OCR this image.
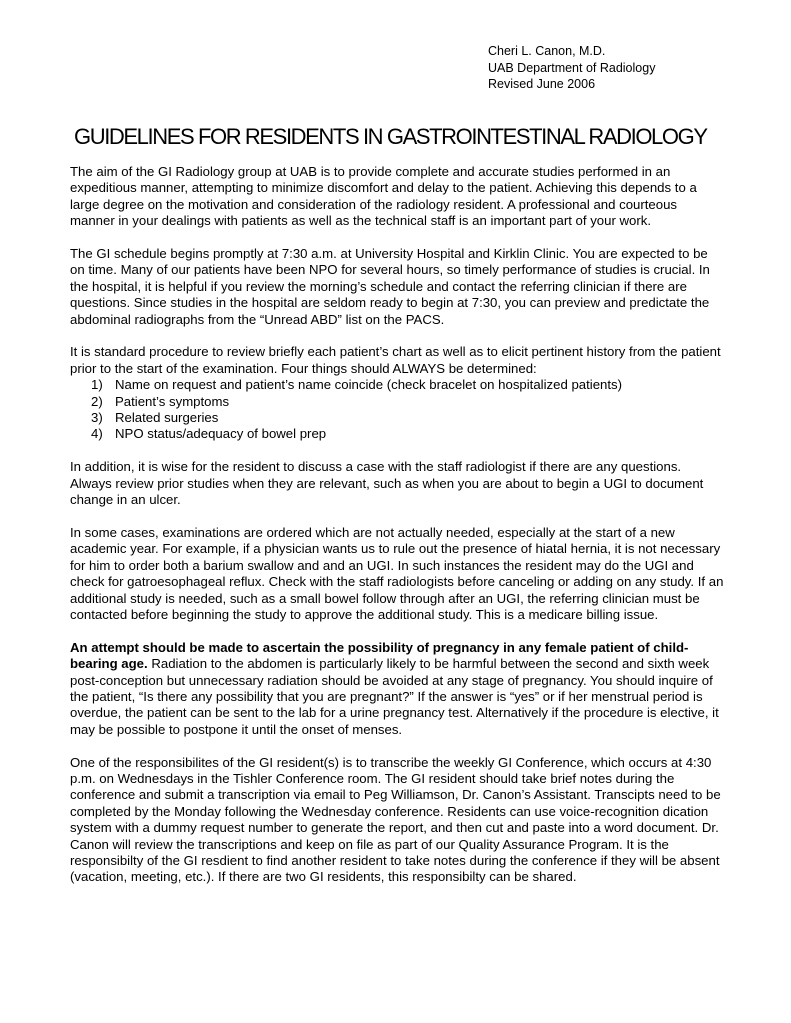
Cheri L. Canon, M.D.
UAB Department of Radiology
Revised June 2006
GUIDELINES FOR RESIDENTS IN GASTROINTESTINAL RADIOLOGY

The aim of the GI Radiology group at UAB is to provide complete and accurate studies performed in an expeditious manner, attempting to minimize discomfort and delay to the patient. Achieving this depends to a large degree on the motivation and consideration of the radiology resident. A professional and courteous manner in your dealings with patients as well as the technical staff is an important part of your work.

The GI schedule begins promptly at 7:30 a.m. at University Hospital and Kirklin Clinic. You are expected to be on time. Many of our patients have been NPO for several hours, so timely performance of studies is crucial. In the hospital, it is helpful if you review the morning’s schedule and contact the referring clinician if there are questions. Since studies in the hospital are seldom ready to begin at 7:30, you can preview and predictate the abdominal radiographs from the “Unread ABD” list on the PACS.

It is standard procedure to review briefly each patient’s chart as well as to elicit pertinent history from the patient prior to the start of the examination. Four things should ALWAYS be determined:

1) Name on request and patient’s name coincide (check bracelet on hospitalized patients)
2) Patient’s symptoms
3) Related surgeries
4) NPO status/adequacy of bowel prep

In addition, it is wise for the resident to discuss a case with the staff radiologist if there are any questions. Always review prior studies when they are relevant, such as when you are about to begin a UGI to document change in an ulcer.

In some cases, examinations are ordered which are not actually needed, especially at the start of a new academic year. For example, if a physician wants us to rule out the presence of hiatal hernia, it is not necessary for him to order both a barium swallow and and an UGI. In such instances the resident may do the UGI and check for gatroesophageal reflux. Check with the staff radiologists before canceling or adding on any study. If an additional study is needed, such as a small bowel follow through after an UGI, the referring clinician must be contacted before beginning the study to approve the additional study. This is a medicare billing issue.

An attempt should be made to ascertain the possibility of pregnancy in any female patient of child-bearing age. Radiation to the abdomen is particularly likely to be harmful between the second and sixth week post-conception but unnecessary radiation should be avoided at any stage of pregnancy. You should inquire of the patient, “Is there any possibility that you are pregnant?” If the answer is “yes” or if her menstrual period is overdue, the patient can be sent to the lab for a urine pregnancy test. Alternatively if the procedure is elective, it may be possible to postpone it until the onset of menses.

One of the responsibilites of the GI resident(s) is to transcribe the weekly GI Conference, which occurs at 4:30 p.m. on Wednesdays in the Tishler Conference room. The GI resident should take brief notes during the conference and submit a transcription via email to Peg Williamson, Dr. Canon’s Assistant. Transcipts need to be completed by the Monday following the Wednesday conference. Residents can use voice-recognition dication system with a dummy request number to generate the report, and then cut and paste into a word document. Dr. Canon will review the transcriptions and keep on file as part of our Quality Assurance Program. It is the responsibilty of the GI resdient to find another resident to take notes during the conference if they will be absent (vacation, meeting, etc.). If there are two GI residents, this responsibilty can be shared.
